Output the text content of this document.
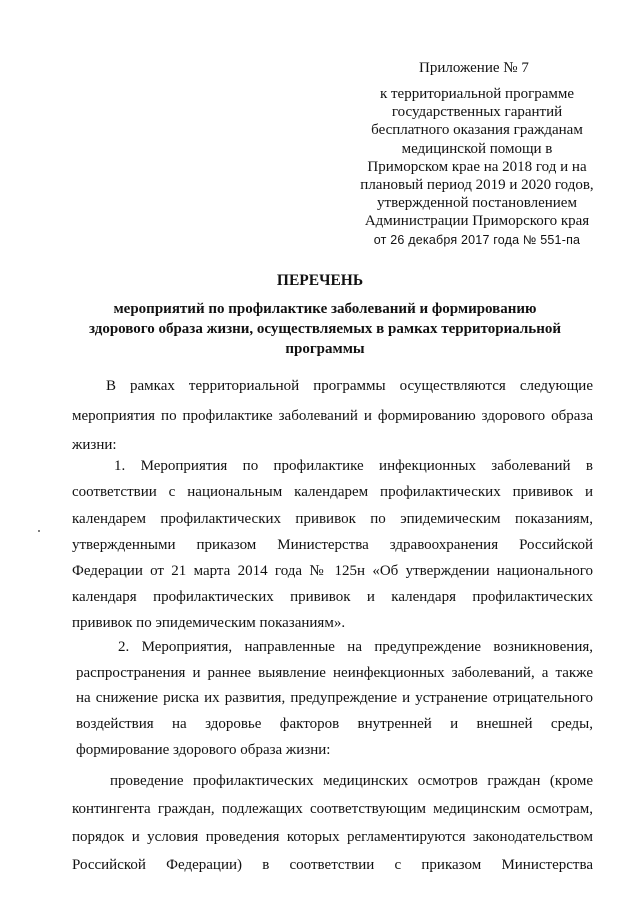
Приложение № 7
к территориальной программе
государственных гарантий
бесплатного оказания гражданам
медицинской помощи в
Приморском крае на 2018 год и на
плановый период 2019 и 2020 годов,
утвержденной постановлением
Администрации Приморского края
от 26 декабря 2017 года № 551-па
ПЕРЕЧЕНЬ
мероприятий по профилактике заболеваний и формированию
здорового образа жизни, осуществляемых в рамках территориальной
программы
В рамках территориальной программы осуществляются следующие
мероприятия по профилактике заболеваний и формированию здорового образа
жизни:
1. Мероприятия по профилактике инфекционных заболеваний в
соответствии с национальным календарем профилактических прививок и
календарем профилактических прививок по эпидемическим показаниям,
утвержденными приказом Министерства здравоохранения Российской
Федерации от 21 марта 2014 года № 125н «Об утверждении национального
календаря профилактических прививок и календаря профилактических
прививок по эпидемическим показаниям».
2. Мероприятия, направленные на предупреждение возникновения,
распространения и раннее выявление неинфекционных заболеваний, а также
на снижение риска их развития, предупреждение и устранение отрицательного
воздействия на здоровье факторов внутренней и внешней среды,
формирование здорового образа жизни:
проведение профилактических медицинских осмотров граждан (кроме
контингента граждан, подлежащих соответствующим медицинским осмотрам,
порядок и условия проведения которых регламентируются законодательством
Российской Федерации) в соответствии с приказом Министерства
